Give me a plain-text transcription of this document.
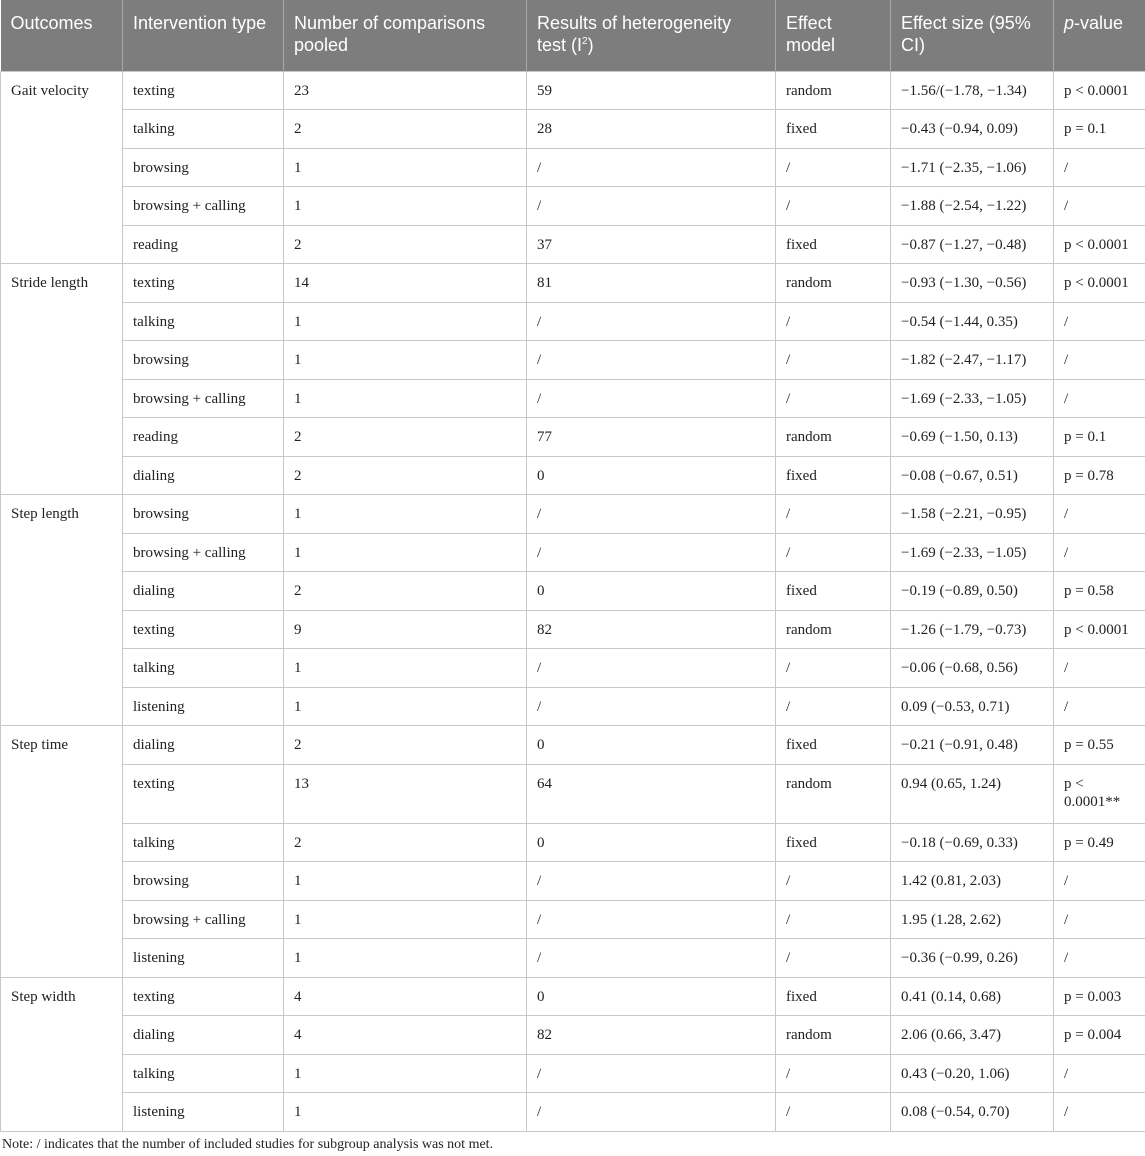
Outcomes	Intervention type	Number of comparisons pooled	Results of heterogeneity test $(I^2)$	Effect model	Effect size (95% CI)	p-value
Gait velocity	texting	23	59	random	−1.56/(−1.78, −1.34)	p < 0.0001
	talking	2	28	fixed	−0.43 (−0.94, 0.09)	p = 0.1
	browsing	1	/	/	−1.71 (−2.35, −1.06)	/
	browsing + calling	1	/	/	−1.88 (−2.54, −1.22)	/
	reading	2	37	fixed	−0.87 (−1.27, −0.48)	p < 0.0001
Stride length	texting	14	81	random	−0.93 (−1.30, −0.56)	p < 0.0001
	talking	1	/	/	−0.54 (−1.44, 0.35)	/
	browsing	1	/	/	−1.82 (−2.47, −1.17)	/
	browsing + calling	1	/	/	−1.69 (−2.33, −1.05)	/
	reading	2	77	random	−0.69 (−1.50, 0.13)	p = 0.1
	dialing	2	0	fixed	−0.08 (−0.67, 0.51)	p = 0.78
Step length	browsing	1	/	/	−1.58 (−2.21, −0.95)	/
	browsing + calling	1	/	/	−1.69 (−2.33, −1.05)	/
	dialing	2	0	fixed	−0.19 (−0.89, 0.50)	p = 0.58
	texting	9	82	random	−1.26 (−1.79, −0.73)	p < 0.0001
	talking	1	/	/	−0.06 (−0.68, 0.56)	/
	listening	1	/	/	0.09 (−0.53, 0.71)	/
Step time	dialing	2	0	fixed	−0.21 (−0.91, 0.48)	p = 0.55
	texting	13	64	random	0.94 (0.65, 1.24)	p < 0.0001**
	talking	2	0	fixed	−0.18 (−0.69, 0.33)	p = 0.49
	browsing	1	/	/	1.42 (0.81, 2.03)	/
	browsing + calling	1	/	/	1.95 (1.28, 2.62)	/
	listening	1	/	/	−0.36 (−0.99, 0.26)	/
Step width	texting	4	0	fixed	0.41 (0.14, 0.68)	p = 0.003
	dialing	4	82	random	2.06 (0.66, 3.47)	p = 0.004
	talking	1	/	/	0.43 (−0.20, 1.06)	/
	listening	1	/	/	0.08 (−0.54, 0.70)	/

Note: / indicates that the number of included studies for subgroup analysis was not met.
